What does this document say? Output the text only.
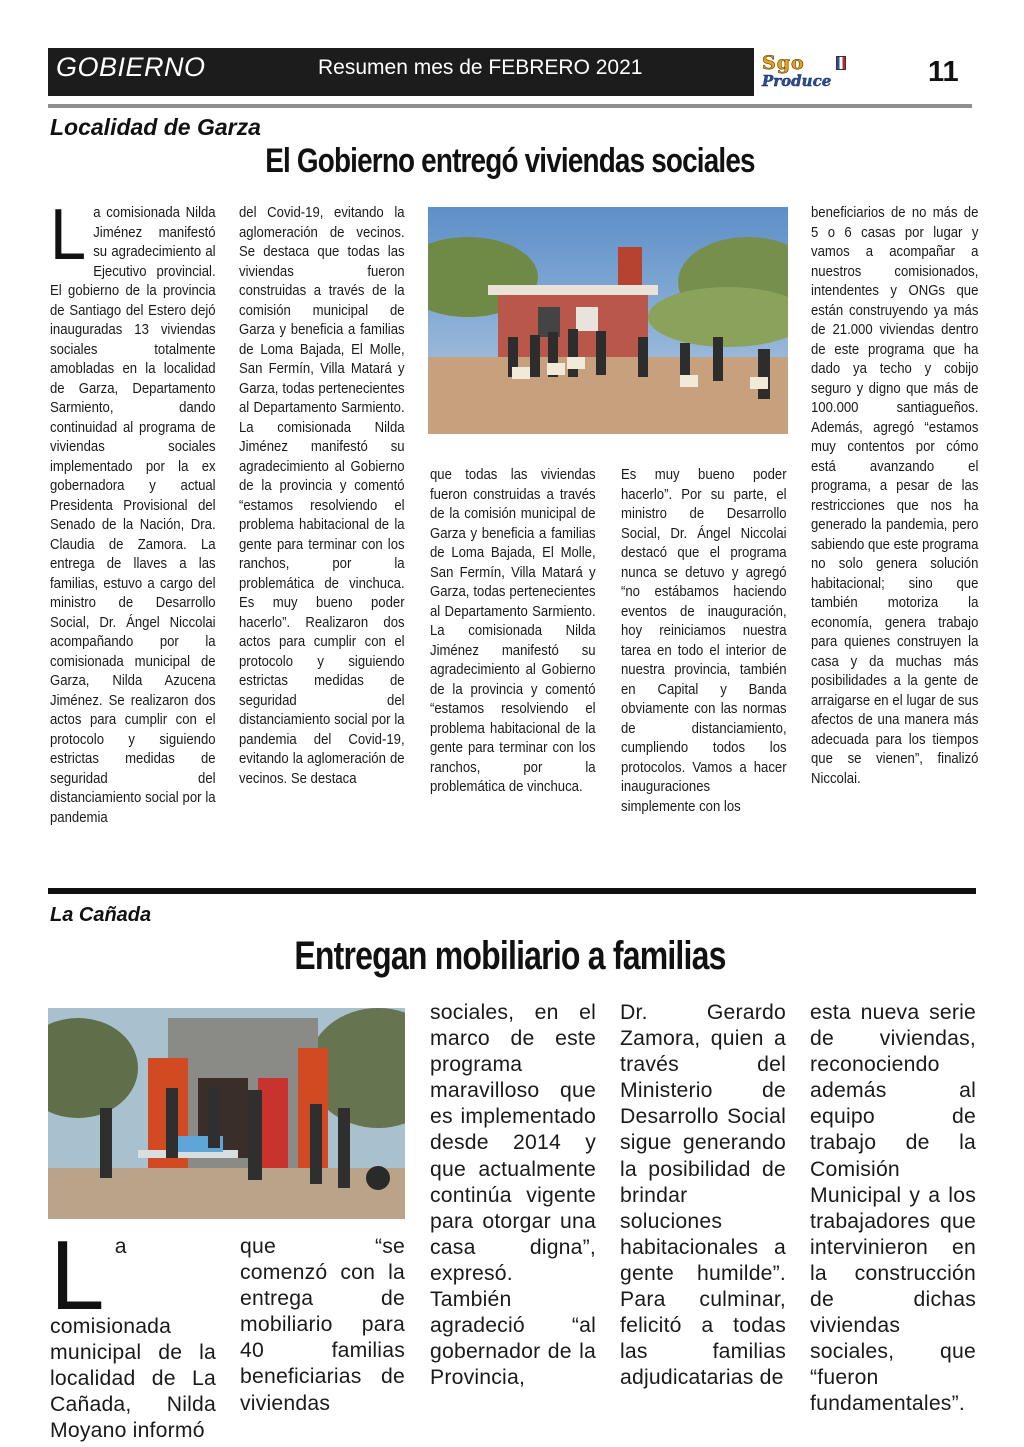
GOBIERNO	Resumen mes de FEBRERO 2021	Sgo
Produce	11
Localidad de Garza
El Gobierno entregó viviendas sociales
La comisionada Nilda Jiménez manifestó su agradecimiento al Ejecutivo provincial. El gobierno de la provincia de Santiago del Estero dejó inauguradas 13 viviendas sociales totalmente amobladas en la localidad de Garza, Departamento Sarmiento, dando continuidad al programa de viviendas sociales implementado por la ex gobernadora y actual Presidenta Provisional del Senado de la Nación, Dra. Claudia de Zamora. La entrega de llaves a las familias, estuvo a cargo del ministro de Desarrollo Social, Dr. Ángel Niccolai acompañando por la comisionada municipal de Garza, Nilda Azucena Jiménez. Se realizaron dos actos para cumplir con el protocolo y siguiendo estrictas medidas de seguridad del distanciamiento social por la pandemia
del Covid-19, evitando la aglomeración de vecinos. Se destaca que todas las viviendas fueron construidas a través de la comisión municipal de Garza y beneficia a familias de Loma Bajada, El Molle, San Fermín, Villa Matará y Garza, todas pertenecientes al Departamento Sarmiento. La comisionada Nilda Jiménez manifestó su agradecimiento al Gobierno de la provincia y comentó “estamos resolviendo el problema habitacional de la gente para terminar con los ranchos, por la problemática de vinchuca. Es muy bueno poder hacerlo”. Realizaron dos actos para cumplir con el protocolo y siguiendo estrictas medidas de seguridad del distanciamiento social por la pandemia del Covid-19, evitando la aglomeración de vecinos. Se destaca
que todas las viviendas fueron construidas a través de la comisión municipal de Garza y beneficia a familias de Loma Bajada, El Molle, San Fermín, Villa Matará y Garza, todas pertenecientes al Departamento Sarmiento. La comisionada Nilda Jiménez manifestó su agradecimiento al Gobierno de la provincia y comentó “estamos resolviendo el problema habitacional de la gente para terminar con los ranchos, por la problemática de vinchuca.
Es muy bueno poder hacerlo”. Por su parte, el ministro de Desarrollo Social, Dr. Ángel Niccolai destacó que el programa nunca se detuvo y agregó “no estábamos haciendo eventos de inauguración, hoy reiniciamos nuestra tarea en todo el interior de nuestra provincia, también en Capital y Banda obviamente con las normas de distanciamiento, cumpliendo todos los protocolos. Vamos a hacer inauguraciones simplemente con los
beneficiarios de no más de 5 o 6 casas por lugar y vamos a acompañar a nuestros comisionados, intendentes y ONGs que están construyendo ya más de 21.000 viviendas dentro de este programa que ha dado ya techo y cobijo seguro y digno que más de 100.000 santiagueños. Además, agregó “estamos muy contentos por cómo está avanzando el programa, a pesar de las restricciones que nos ha generado la pandemia, pero sabiendo que este programa no solo genera solución habitacional; sino que también motoriza la economía, genera trabajo para quienes construyen la casa y da muchas más posibilidades a la gente de arraigarse en el lugar de sus afectos de una manera más adecuada para los tiempos que se vienen”, finalizó Niccolai.
La Cañada
Entregan mobiliario a familias
La comisionada municipal de la localidad de La Cañada, Nilda Moyano informó
que “se comenzó con la entrega de mobiliario para 40 familias beneficiarias de viviendas
sociales, en el marco de este programa maravilloso que es implementado desde 2014 y que actualmente continúa vigente para otorgar una casa digna”, expresó. También agradeció “al gobernador de la Provincia,
Dr. Gerardo Zamora, quien a través del Ministerio de Desarrollo Social sigue generando la posibilidad de brindar soluciones habitacionales a gente humilde”. Para culminar, felicitó a todas las familias adjudicatarias de
esta nueva serie de viviendas, reconociendo además al equipo de trabajo de la Comisión Municipal y a los trabajadores que intervinieron en la construcción de dichas viviendas sociales, que “fueron fundamentales”.
